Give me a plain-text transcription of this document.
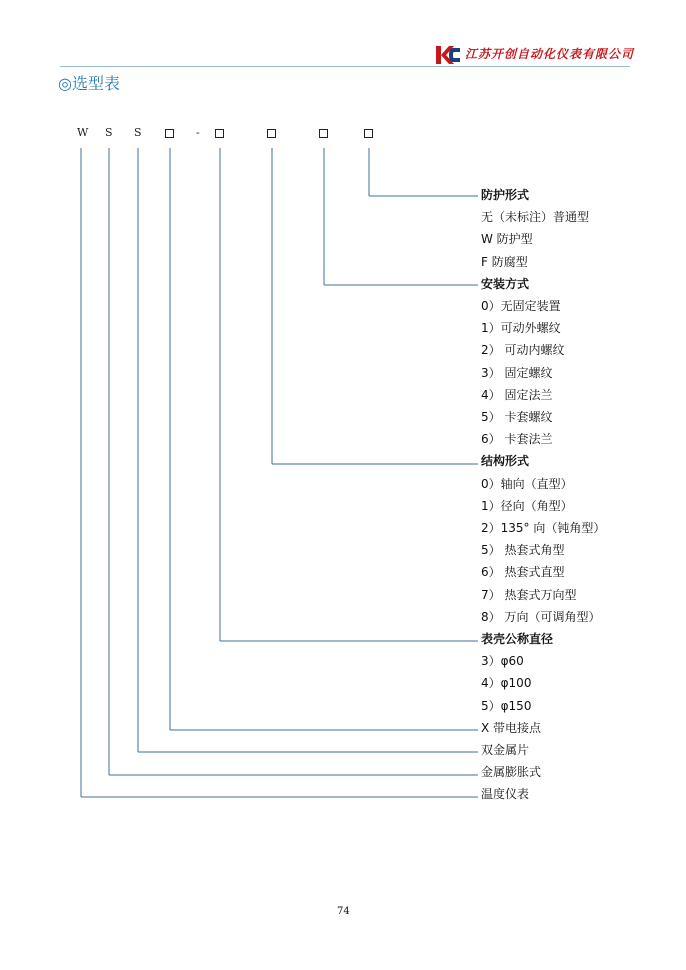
江苏开创自动化仪表有限公司
◎选型表
W S S	-
防护形式
无（未标注）普通型
W 防护型
F 防腐型
安装方式
0）无固定装置
1）可动外螺纹
2） 可动内螺纹
3） 固定螺纹
4） 固定法兰
5） 卡套螺纹
6） 卡套法兰
结构形式
0）轴向（直型）
1）径向（角型）
2）135° 向（钝角型）
5） 热套式角型
6） 热套式直型
7） 热套式万向型
8） 万向（可调角型）
表壳公称直径
3）φ60
4）φ100
5）φ150
X 带电接点
双金属片
金属膨胀式
温度仪表
74
